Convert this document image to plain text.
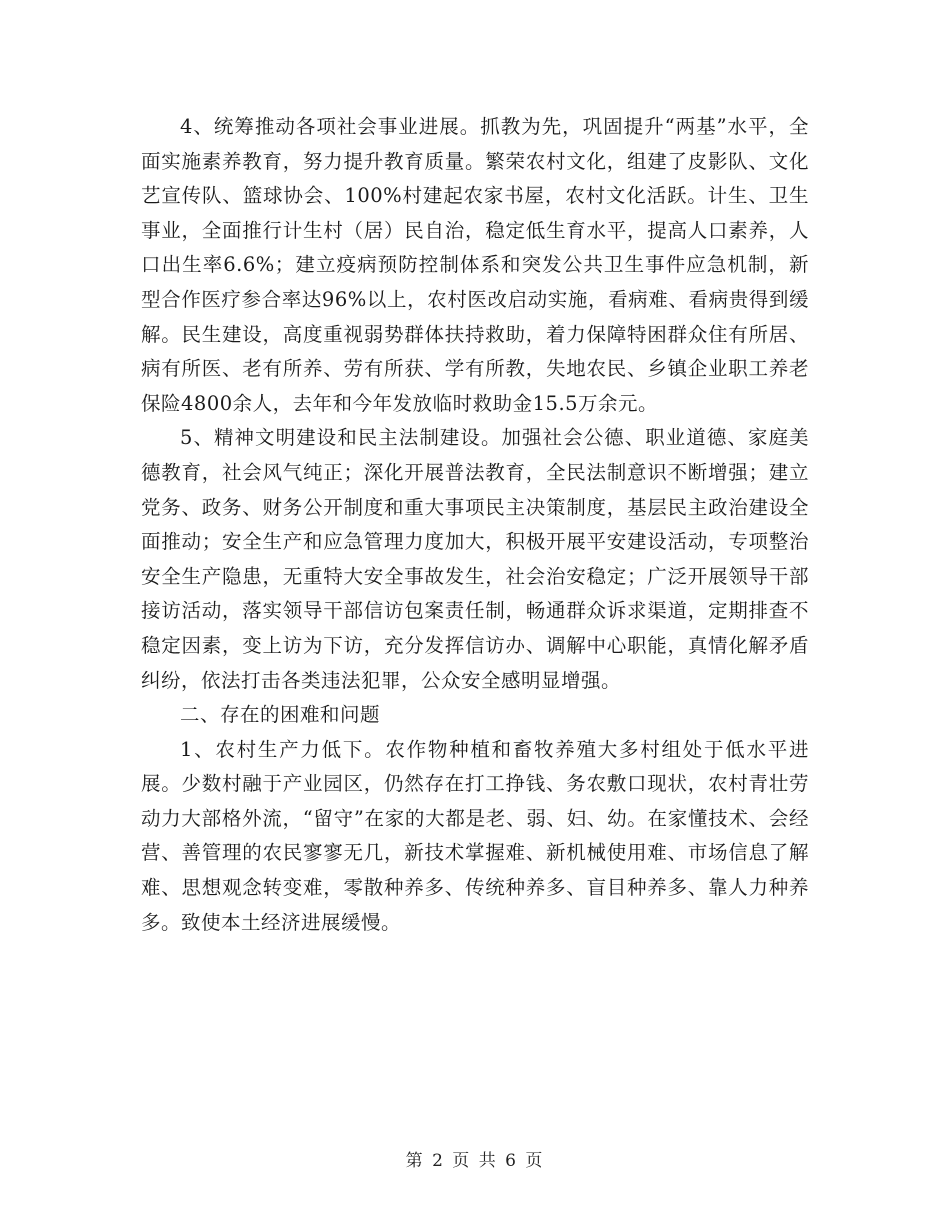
4、统筹推动各项社会事业进展。抓教为先，巩固提升“两基”水平，全面实施素养教育，努力提升教育质量。繁荣农村文化，组建了皮影队、文化艺宣传队、篮球协会、100%村建起农家书屋，农村文化活跃。计生、卫生事业，全面推行计生村（居）民自治，稳定低生育水平，提高人口素养，人口出生率6.6%；建立疫病预防控制体系和突发公共卫生事件应急机制，新型合作医疗参合率达96%以上，农村医改启动实施，看病难、看病贵得到缓解。民生建设，高度重视弱势群体扶持救助，着力保障特困群众住有所居、病有所医、老有所养、劳有所获、学有所教，失地农民、乡镇企业职工养老保险4800余人，去年和今年发放临时救助金15.5万余元。

5、精神文明建设和民主法制建设。加强社会公德、职业道德、家庭美德教育，社会风气纯正；深化开展普法教育，全民法制意识不断增强；建立党务、政务、财务公开制度和重大事项民主决策制度，基层民主政治建设全面推动；安全生产和应急管理力度加大，积极开展平安建设活动，专项整治安全生产隐患，无重特大安全事故发生，社会治安稳定；广泛开展领导干部接访活动，落实领导干部信访包案责任制，畅通群众诉求渠道，定期排查不稳定因素，变上访为下访，充分发挥信访办、调解中心职能，真情化解矛盾纠纷，依法打击各类违法犯罪，公众安全感明显增强。

二、存在的困难和问题

1、农村生产力低下。农作物种植和畜牧养殖大多村组处于低水平进展。少数村融于产业园区，仍然存在打工挣钱、务农敷口现状，农村青壮劳动力大部格外流，“留守”在家的大都是老、弱、妇、幼。在家懂技术、会经营、善管理的农民寥寥无几，新技术掌握难、新机械使用难、市场信息了解难、思想观念转变难，零散种养多、传统种养多、盲目种养多、靠人力种养多。致使本土经济进展缓慢。

第 2 页 共 6 页
